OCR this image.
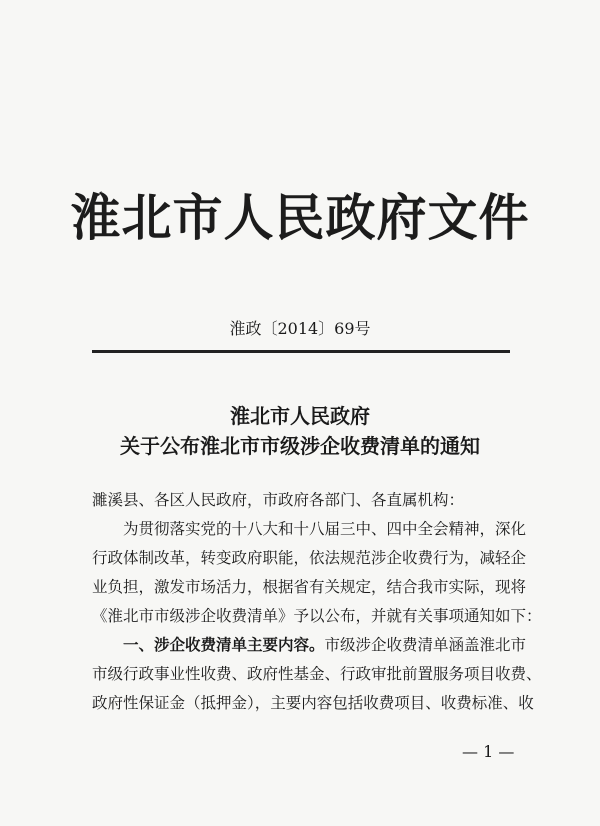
淮北市人民政府文件
淮政〔2014〕69号
淮北市人民政府
关于公布淮北市市级涉企收费清单的通知
濉溪县、各区人民政府，市政府各部门、各直属机构：
　　为贯彻落实党的十八大和十八届三中、四中全会精神，深化
行政体制改革，转变政府职能，依法规范涉企收费行为，减轻企
业负担，激发市场活力，根据省有关规定，结合我市实际，现将
《淮北市市级涉企收费清单》予以公布，并就有关事项通知如下：
　　一、涉企收费清单主要内容。市级涉企收费清单涵盖淮北市
市级行政事业性收费、政府性基金、行政审批前置服务项目收费、
政府性保证金（抵押金），主要内容包括收费项目、收费标准、收
— 1 —
